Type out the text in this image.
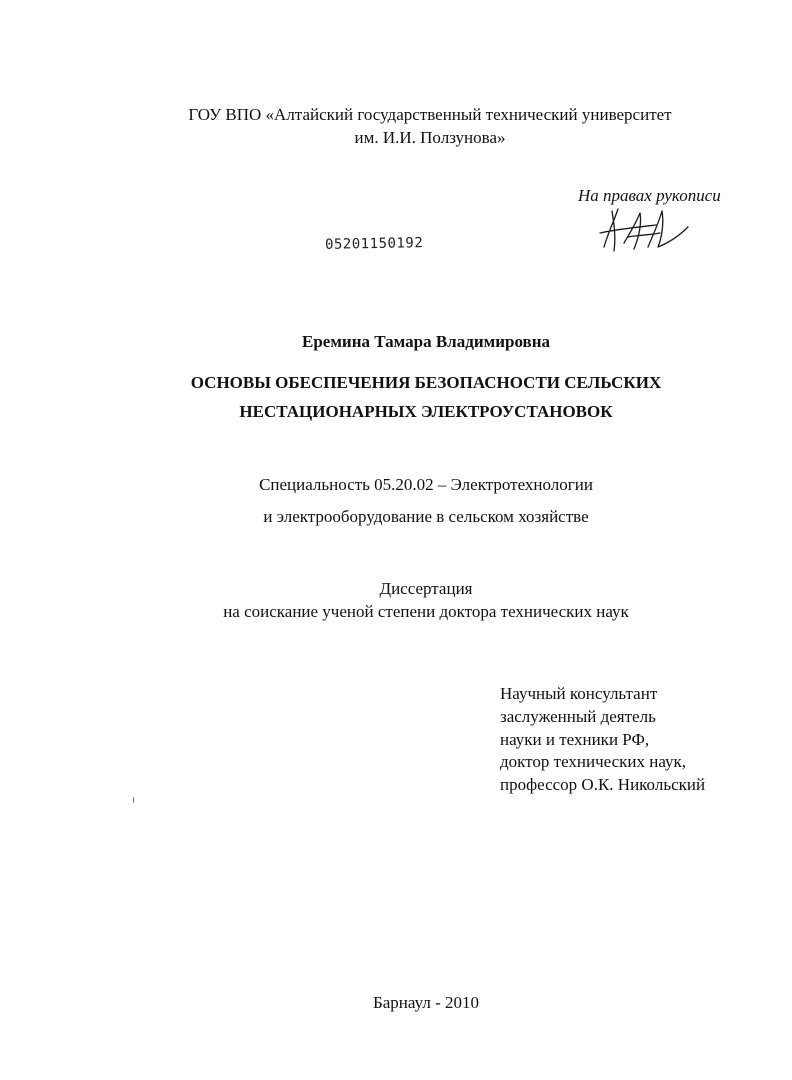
ГОУ ВПО «Алтайский государственный технический университет
им. И.И. Ползунова»
На правах рукописи
05201150192
Еремина Тамара Владимировна
ОСНОВЫ ОБЕСПЕЧЕНИЯ БЕЗОПАСНОСТИ СЕЛЬСКИХ
НЕСТАЦИОНАРНЫХ ЭЛЕКТРОУСТАНОВОК
Специальность 05.20.02 – Электротехнологии
и электрооборудование в сельском хозяйстве
Диссертация
на соискание ученой степени доктора технических наук
Научный консультант
заслуженный деятель
науки и техники РФ,
доктор технических наук,
профессор О.К. Никольский
Барнаул - 2010
